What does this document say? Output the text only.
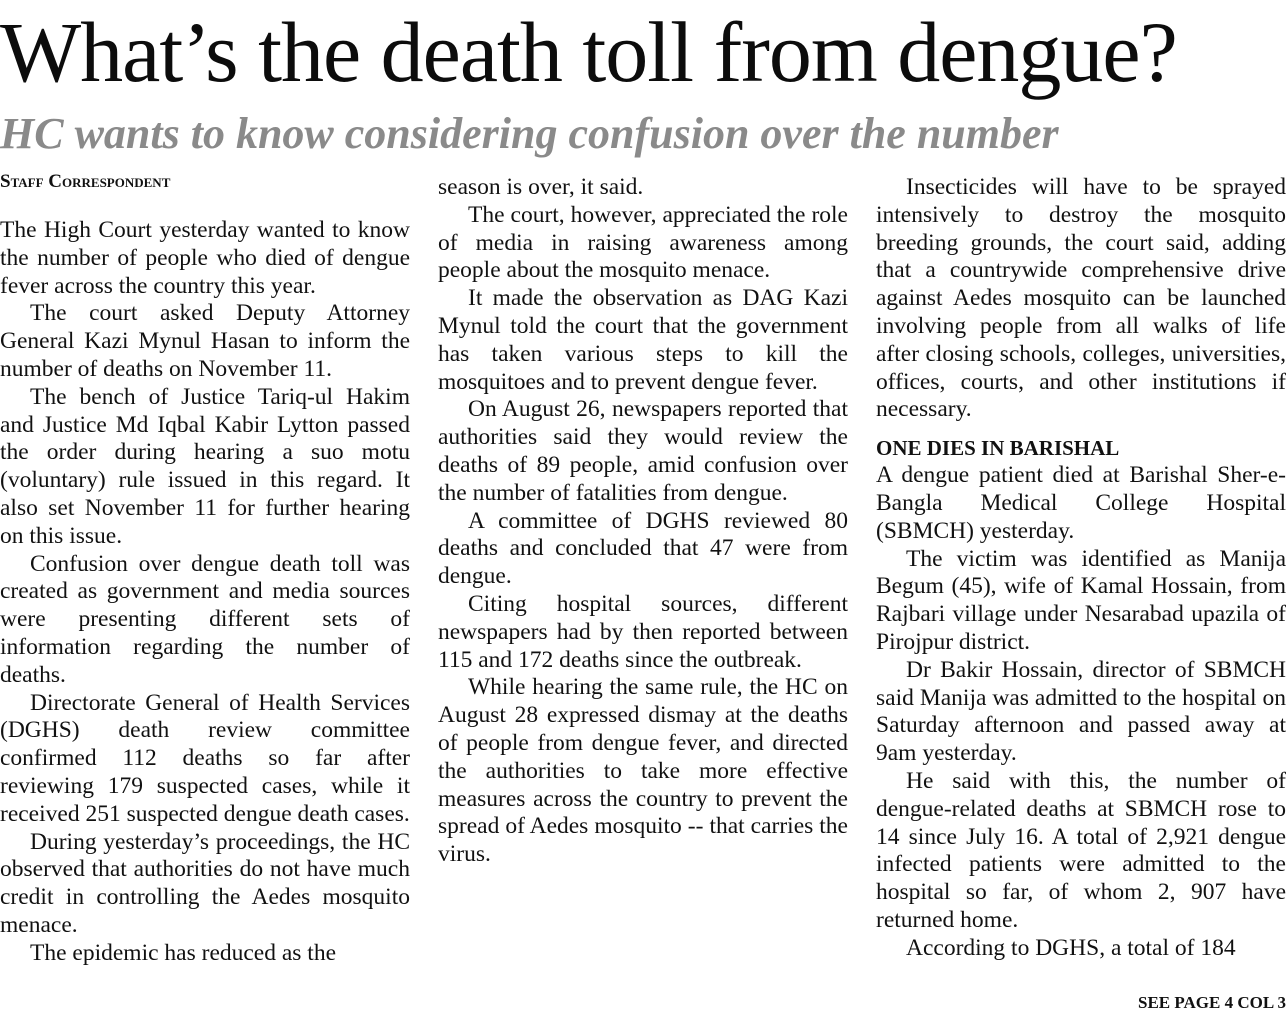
What’s the death toll from dengue?
HC wants to know considering confusion over the number
Staff Correspondent

The High Court yesterday wanted to know the number of people who died of dengue fever across the country this year.

The court asked Deputy Attorney General Kazi Mynul Hasan to inform the number of deaths on November 11.

The bench of Justice Tariq-ul Hakim and Justice Md Iqbal Kabir Lytton passed the order during hearing a suo motu (voluntary) rule issued in this regard. It also set November 11 for further hearing on this issue.

Confusion over dengue death toll was created as government and media sources were presenting different sets of information regarding the number of deaths.

Directorate General of Health Services (DGHS) death review committee confirmed 112 deaths so far after reviewing 179 suspected cases, while it received 251 suspected dengue death cases.

During yesterday’s proceedings, the HC observed that authorities do not have much credit in controlling the Aedes mosquito menace.

The epidemic has reduced as the

season is over, it said.

The court, however, appreciated the role of media in raising awareness among people about the mosquito menace.

It made the observation as DAG Kazi Mynul told the court that the government has taken various steps to kill the mosquitoes and to prevent dengue fever.

On August 26, newspapers reported that authorities said they would review the deaths of 89 people, amid confusion over the number of fatalities from dengue.

A committee of DGHS reviewed 80 deaths and concluded that 47 were from dengue.

Citing hospital sources, different newspapers had by then reported between 115 and 172 deaths since the outbreak.

While hearing the same rule, the HC on August 28 expressed dismay at the deaths of people from dengue fever, and directed the authorities to take more effective measures across the country to prevent the spread of Aedes mosquito -- that carries the virus.

Insecticides will have to be sprayed intensively to destroy the mosquito breeding grounds, the court said, adding that a countrywide comprehensive drive against Aedes mosquito can be launched involving people from all walks of life after closing schools, colleges, universities, offices, courts, and other institutions if necessary.

ONE DIES IN BARISHAL

A dengue patient died at Barishal Sher-e-Bangla Medical College Hospital (SBMCH) yesterday.

The victim was identified as Manija Begum (45), wife of Kamal Hossain, from Rajbari village under Nesarabad upazila of Pirojpur district.

Dr Bakir Hossain, director of SBMCH said Manija was admitted to the hospital on Saturday afternoon and passed away at 9am yesterday.

He said with this, the number of dengue-related deaths at SBMCH rose to 14 since July 16. A total of 2,921 dengue infected patients were admitted to the hospital so far, of whom 2, 907 have returned home.

According to DGHS, a total of 184

SEE PAGE 4 COL 3
